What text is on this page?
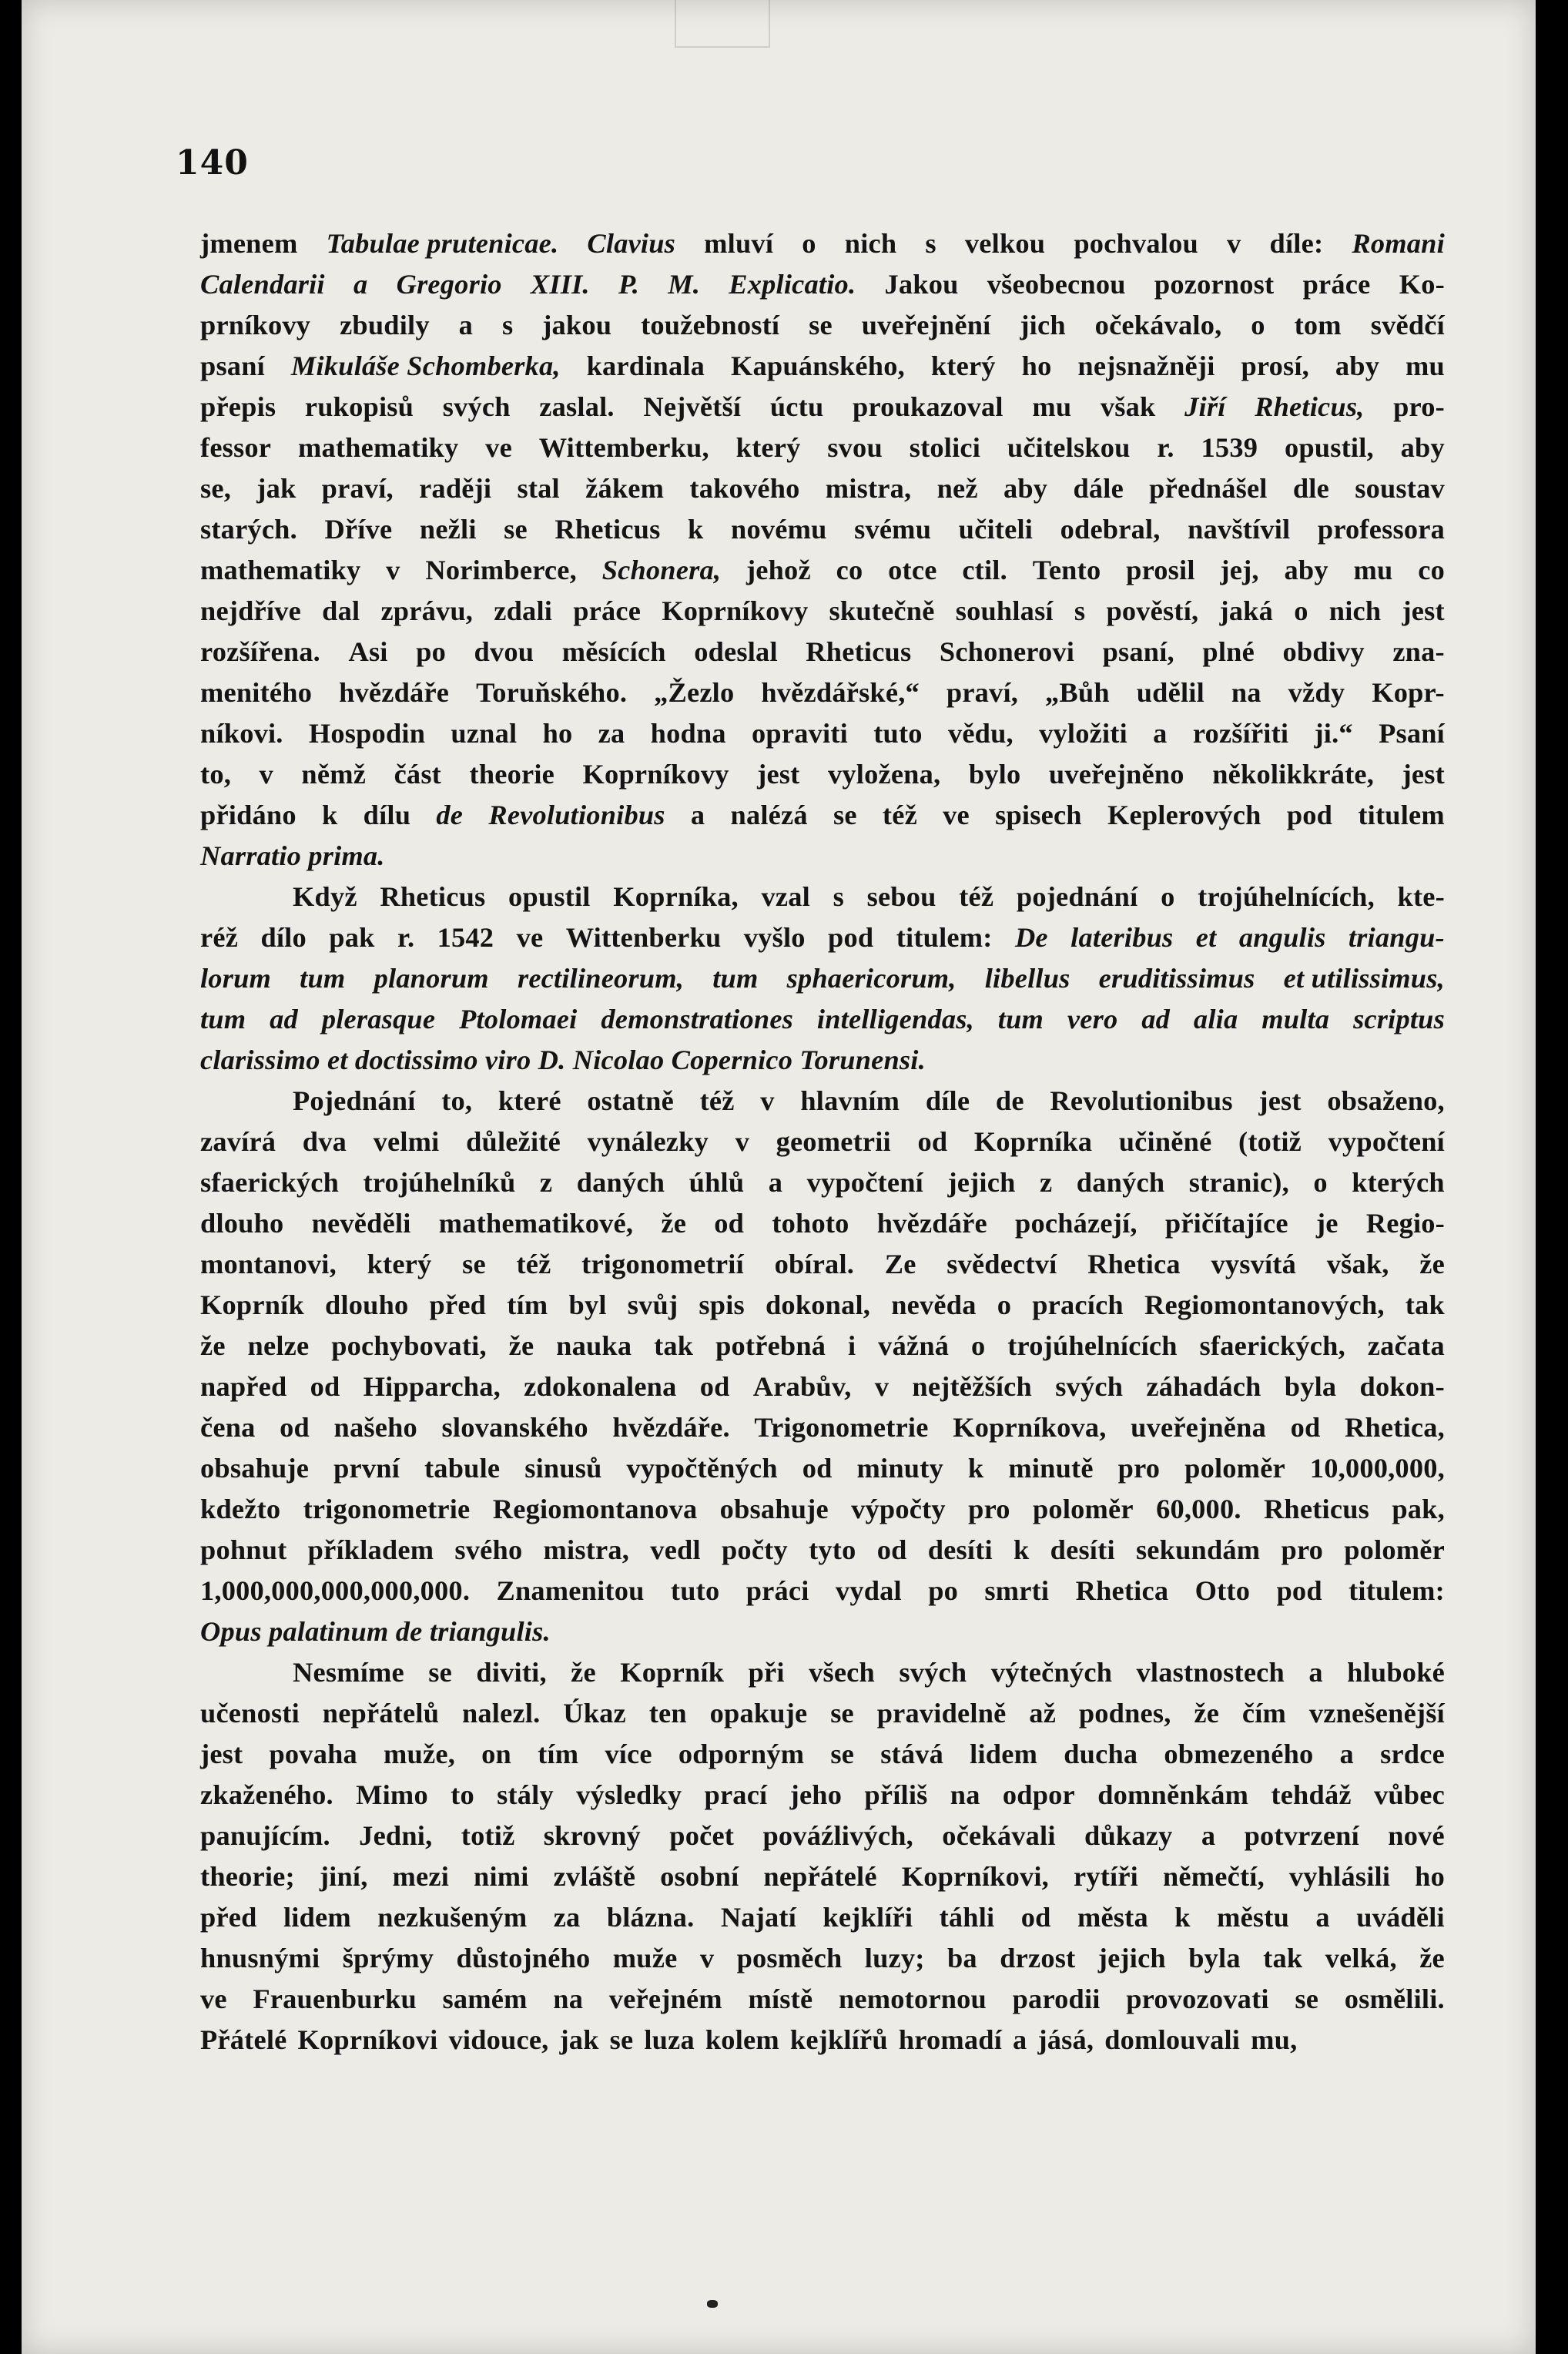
140
jmenem Tabulae prutenicae. Clavius mluví o nich s velkou pochvalou v díle: Romani
Calendarii a Gregorio XIII. P. M. Explicatio. Jakou všeobecnou pozornost práce Ko-
prníkovy zbudily a s jakou toužebností se uveřejnění jich očekávalo, o tom svědčí
psaní Mikuláše Schomberka, kardinala Kapuánského, který ho nejsnažněji prosí, aby mu
přepis rukopisů svých zaslal. Největší úctu proukazoval mu však Jiří Rheticus, pro-
fessor mathematiky ve Wittemberku, který svou stolici učitelskou r. 1539 opustil, aby
se, jak praví, raději stal žákem takového mistra, než aby dále přednášel dle soustav
starých. Dříve nežli se Rheticus k novému svému učiteli odebral, navštívil professora
mathematiky v Norimberce, Schonera, jehož co otce ctil. Tento prosil jej, aby mu co
nejdříve dal zprávu, zdali práce Koprníkovy skutečně souhlasí s pověstí, jaká o nich jest
rozšířena. Asi po dvou měsících odeslal Rheticus Schonerovi psaní, plné obdivy zna-
menitého hvězdáře Toruňského. „Žezlo hvězdářské,“ praví, „Bůh udělil na vždy Kopr-
níkovi. Hospodin uznal ho za hodna opraviti tuto vědu, vyložiti a rozšířiti ji.“ Psaní
to, v němž část theorie Koprníkovy jest vyložena, bylo uveřejněno několikkráte, jest
přidáno k dílu de Revolutionibus a nalézá se též ve spisech Keplerových pod titulem
Narratio prima.
Když Rheticus opustil Koprníka, vzal s sebou též pojednání o trojúhelnících, kte-
réž dílo pak r. 1542 ve Wittenberku vyšlo pod titulem: De lateribus et angulis triangu-
lorum tum planorum rectilineorum, tum sphaericorum, libellus eruditissimus et utilissimus,
tum ad plerasque Ptolomaei demonstrationes intelligendas, tum vero ad alia multa scriptus
clarissimo et doctissimo viro D. Nicolao Copernico Torunensi.
Pojednání to, které ostatně též v hlavním díle de Revolutionibus jest obsaženo,
zavírá dva velmi důležité vynálezky v geometrii od Koprníka učiněné (totiž vypočtení
sfaerických trojúhelníků z daných úhlů a vypočtení jejich z daných stranic), o kterých
dlouho nevěděli mathematikové, že od tohoto hvězdáře pocházejí, přičítajíce je Regio-
montanovi, který se též trigonometrií obíral. Ze svědectví Rhetica vysvítá však, že
Koprník dlouho před tím byl svůj spis dokonal, nevěda o pracích Regiomontanových, tak
že nelze pochybovati, že nauka tak potřebná i vážná o trojúhelnících sfaerických, začata
napřed od Hipparcha, zdokonalena od Arabův, v nejtěžších svých záhadách byla dokon-
čena od našeho slovanského hvězdáře. Trigonometrie Koprníkova, uveřejněna od Rhetica,
obsahuje první tabule sinusů vypočtěných od minuty k minutě pro poloměr 10,000,000,
kdežto trigonometrie Regiomontanova obsahuje výpočty pro poloměr 60,000. Rheticus pak,
pohnut příkladem svého mistra, vedl počty tyto od desíti k desíti sekundám pro poloměr
1,000,000,000,000,000. Znamenitou tuto práci vydal po smrti Rhetica Otto pod titulem:
Opus palatinum de triangulis.
Nesmíme se diviti, že Koprník při všech svých výtečných vlastnostech a hluboké
učenosti nepřátelů nalezl. Úkaz ten opakuje se pravidelně až podnes, že čím vznešenější
jest povaha muže, on tím více odporným se stává lidem ducha obmezeného a srdce
zkaženého. Mimo to stály výsledky prací jeho příliš na odpor domněnkám tehdáž vůbec
panujícím. Jedni, totiž skrovný počet pováźlivých, očekávali důkazy a potvrzení nové
theorie; jiní, mezi nimi zvláště osobní nepřátelé Koprníkovi, rytíři němečtí, vyhlásili ho
před lidem nezkušeným za blázna. Najatí kejklíři táhli od města k městu a uváděli
hnusnými šprýmy důstojného muže v posměch luzy; ba drzost jejich byla tak velká, že
ve Frauenburku samém na veřejném místě nemotornou parodii provozovati se osmělili.
Přátelé Koprníkovi vidouce, jak se luza kolem kejklířů hromadí a jásá, domlouvali mu,
